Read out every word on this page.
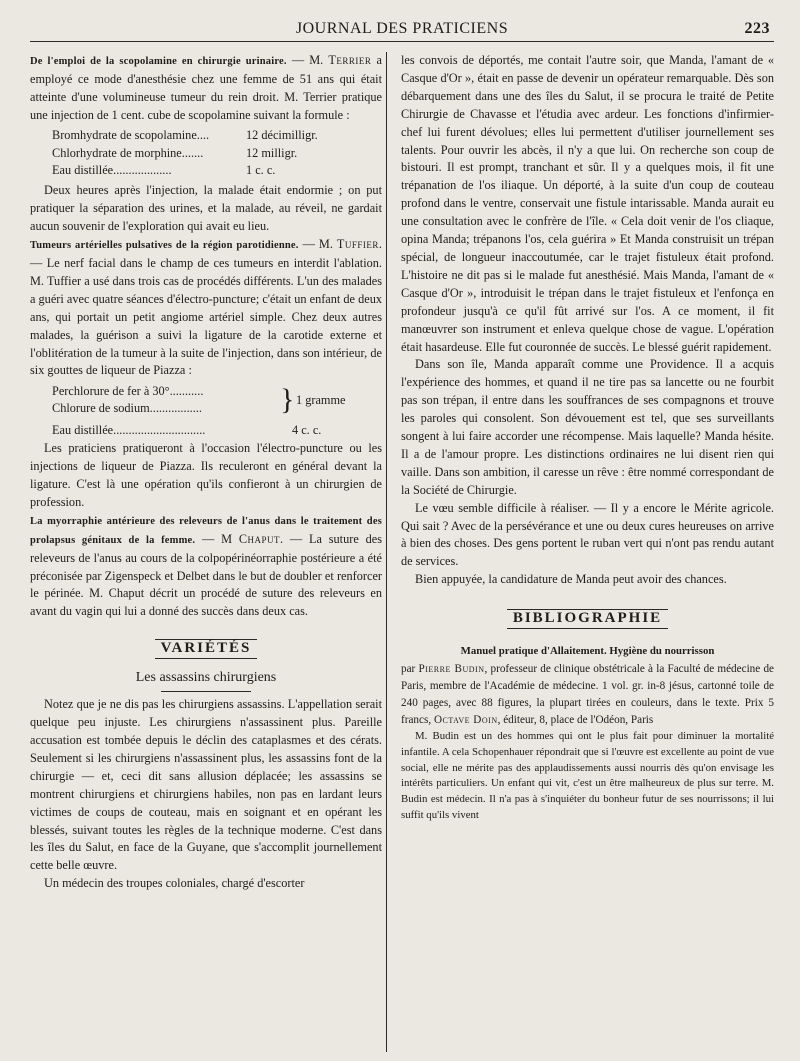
JOURNAL DES PRATICIENS	223

De l'emploi de la scopolamine en chirurgie urinaire. — M. Terrier a employé ce mode d'anesthésie chez une femme de 51 ans qui était atteinte d'une volumineuse tumeur du rein droit. M. Terrier pratique une injection de 1 cent. cube de scopolamine suivant la formule :

Bromhydrate de scopolamine....	12 décimilligr.
Chlorhydrate de morphine.......	12 milligr.
Eau distillée...................	1 c. c.

Deux heures après l'injection, la malade était endormie ; on put pratiquer la séparation des urines, et la malade, au réveil, ne gardait aucun souvenir de l'exploration qui avait eu lieu.

Tumeurs artérielles pulsatives de la région parotidienne. — M. Tuffier. — Le nerf facial dans le champ de ces tumeurs en interdit l'ablation. M. Tuffier a usé dans trois cas de procédés différents. L'un des malades a guéri avec quatre séances d'électro-puncture; c'était un enfant de deux ans, qui portait un petit angiome artériel simple. Chez deux autres malades, la guérison a suivi la ligature de la carotide externe et l'oblitération de la tumeur à la suite de l'injection, dans son intérieur, de six gouttes de liqueur de Piazza :

Perchlorure de fer à 30°...........
Chlorure de sodium.................	} 1 gramme
Eau distillée..............................	4 c. c.

Les praticiens pratiqueront à l'occasion l'électro-puncture ou les injections de liqueur de Piazza. Ils reculeront en général devant la ligature. C'est là une opération qu'ils confieront à un chirurgien de profession.

La myorraphie antérieure des releveurs de l'anus dans le traitement des prolapsus génitaux de la femme. — M Chaput. — La suture des releveurs de l'anus au cours de la colpopérinéorraphie postérieure a été préconisée par Zigenspeck et Delbet dans le but de doubler et renforcer le périnée. M. Chaput décrit un procédé de suture des releveurs en avant du vagin qui lui a donné des succès dans deux cas.

VARIÉTÉS
Les assassins chirurgiens

Notez que je ne dis pas les chirurgiens assassins. L'appellation serait quelque peu injuste. Les chirurgiens n'assassinent plus. Pareille accusation est tombée depuis le déclin des cataplasmes et des cérats. Seulement si les chirurgiens n'assassinent plus, les assassins font de la chirurgie — et, ceci dit sans allusion déplacée; les assassins se montrent chirurgiens et chirurgiens habiles, non pas en lardant leurs victimes de coups de couteau, mais en soignant et en opérant les blessés, suivant toutes les règles de la technique moderne. C'est dans les îles du Salut, en face de la Guyane, que s'accomplit journellement cette belle œuvre.

Un médecin des troupes coloniales, chargé d'escorter

les convois de déportés, me contait l'autre soir, que Manda, l'amant de « Casque d'Or », était en passe de devenir un opérateur remarquable. Dès son débarquement dans une des îles du Salut, il se procura le traité de Petite Chirurgie de Chavasse et l'étudia avec ardeur. Les fonctions d'infirmier-chef lui furent dévolues; elles lui permettent d'utiliser journellement ses talents. Pour ouvrir les abcès, il n'y a que lui. On recherche son coup de bistouri. Il est prompt, tranchant et sûr. Il y a quelques mois, il fit une trépanation de l'os iliaque. Un déporté, à la suite d'un coup de couteau profond dans le ventre, conservait une fistule intarissable. Manda aurait eu une consultation avec le confrère de l'île. « Cela doit venir de l'os cliaque, opina Manda; trépanons l'os, cela guérira » Et Manda construisit un trépan spécial, de longueur inaccoutumée, car le trajet fistuleux était profond. L'histoire ne dit pas si le malade fut anesthésié. Mais Manda, l'amant de « Casque d'Or », introduisit le trépan dans le trajet fistuleux et l'enfonça en profondeur jusqu'à ce qu'il fût arrivé sur l'os. A ce moment, il fit manœuvrer son instrument et enleva quelque chose de vague. L'opération était hasardeuse. Elle fut couronnée de succès. Le blessé guérit rapidement.

Dans son île, Manda apparaît comme une Providence. Il a acquis l'expérience des hommes, et quand il ne tire pas sa lancette ou ne fourbit pas son trépan, il entre dans les souffrances de ses compagnons et trouve les paroles qui consolent. Son dévouement est tel, que ses surveillants songent à lui faire accorder une récompense. Mais laquelle? Manda hésite. Il a de l'amour propre. Les distinctions ordinaires ne lui disent rien qui vaille. Dans son ambition, il caresse un rêve : être nommé correspondant de la Société de Chirurgie.

Le vœu semble difficile à réaliser. — Il y a encore le Mérite agricole. Qui sait ? Avec de la persévérance et une ou deux cures heureuses on arrive à bien des choses. Des gens portent le ruban vert qui n'ont pas rendu autant de services.

Bien appuyée, la candidature de Manda peut avoir des chances.

BIBLIOGRAPHIE
Manuel pratique d'Allaitement. Hygiène du nourrisson

par Pierre Budin, professeur de clinique obstétricale à la Faculté de médecine de Paris, membre de l'Académie de médecine. 1 vol. gr. in-8 jésus, cartonné toile de 240 pages, avec 88 figures, la plupart tirées en couleurs, dans le texte. Prix 5 francs, Octave Doin, éditeur, 8, place de l'Odéon, Paris

M. Budin est un des hommes qui ont le plus fait pour diminuer la mortalité infantile. A cela Schopenhauer répondrait que si l'œuvre est excellente au point de vue social, elle ne mérite pas des applaudissements aussi nourris dès qu'on envisage les intérêts particuliers. Un enfant qui vit, c'est un être malheureux de plus sur terre. M. Budin est médecin. Il n'a pas à s'inquiéter du bonheur futur de ses nourrissons; il lui suffit qu'ils vivent
